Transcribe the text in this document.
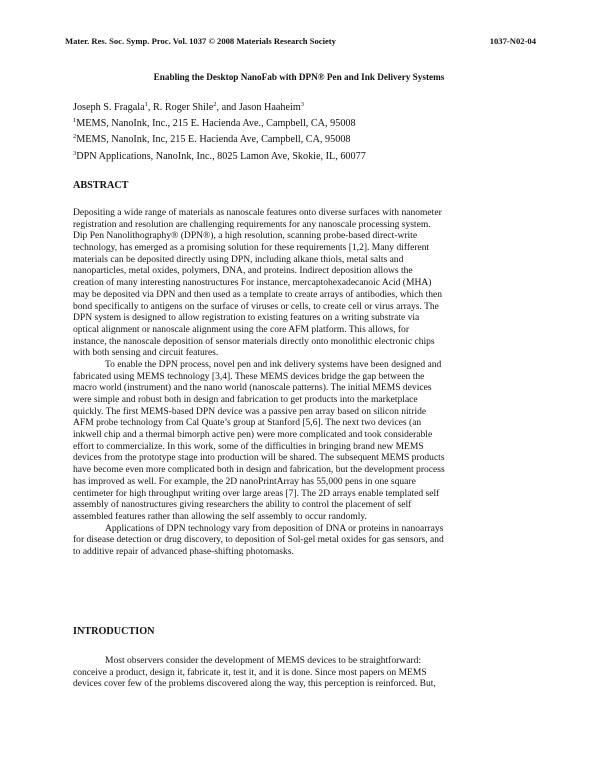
Mater. Res. Soc. Symp. Proc. Vol. 1037 © 2008 Materials Research Society	1037-N02-04
Enabling the Desktop NanoFab with DPN® Pen and Ink Delivery Systems
Joseph S. Fragala$^1$, R. Roger Shile$^2$, and Jason Haaheim$^3$
$^1$MEMS, NanoInk, Inc., 215 E. Hacienda Ave., Campbell, CA, 95008
$^2$MEMS, NanoInk, Inc, 215 E. Hacienda Ave, Campbell, CA, 95008
$^3$DPN Applications, NanoInk, Inc., 8025 Lamon Ave, Skokie, IL, 60077
ABSTRACT
Depositing a wide range of materials as nanoscale features onto diverse surfaces with nanometer
registration and resolution are challenging requirements for any nanoscale processing system.
Dip Pen Nanolithography® (DPN®), a high resolution, scanning probe-based direct-write
technology, has emerged as a promising solution for these requirements [1,2]. Many different
materials can be deposited directly using DPN, including alkane thiols, metal salts and
nanoparticles, metal oxides, polymers, DNA, and proteins. Indirect deposition allows the
creation of many interesting nanostructures For instance, mercaptohexadecanoic Acid (MHA)
may be deposited via DPN and then used as a template to create arrays of antibodies, which then
bond specifically to antigens on the surface of viruses or cells, to create cell or virus arrays. The
DPN system is designed to allow registration to existing features on a writing substrate via
optical alignment or nanoscale alignment using the core AFM platform. This allows, for
instance, the nanoscale deposition of sensor materials directly onto monolithic electronic chips
with both sensing and circuit features.
To enable the DPN process, novel pen and ink delivery systems have been designed and
fabricated using MEMS technology [3,4]. These MEMS devices bridge the gap between the
macro world (instrument) and the nano world (nanoscale patterns). The initial MEMS devices
were simple and robust both in design and fabrication to get products into the marketplace
quickly. The first MEMS-based DPN device was a passive pen array based on silicon nitride
AFM probe technology from Cal Quate’s group at Stanford [5,6]. The next two devices (an
inkwell chip and a thermal bimorph active pen) were more complicated and took considerable
effort to commercialize. In this work, some of the difficulties in bringing brand new MEMS
devices from the prototype stage into production will be shared. The subsequent MEMS products
have become even more complicated both in design and fabrication, but the development process
has improved as well. For example, the 2D nanoPrintArray has 55,000 pens in one square
centimeter for high throughput writing over large areas [7]. The 2D arrays enable templated self
assembly of nanostructures giving researchers the ability to control the placement of self
assembled features rather than allowing the self assembly to occur randomly.
Applications of DPN technology vary from deposition of DNA or proteins in nanoarrays
for disease detection or drug discovery, to deposition of Sol-gel metal oxides for gas sensors, and
to additive repair of advanced phase-shifting photomasks.
INTRODUCTION
Most observers consider the development of MEMS devices to be straightforward:
conceive a product, design it, fabricate it, test it, and it is done. Since most papers on MEMS
devices cover few of the problems discovered along the way, this perception is reinforced. But,
